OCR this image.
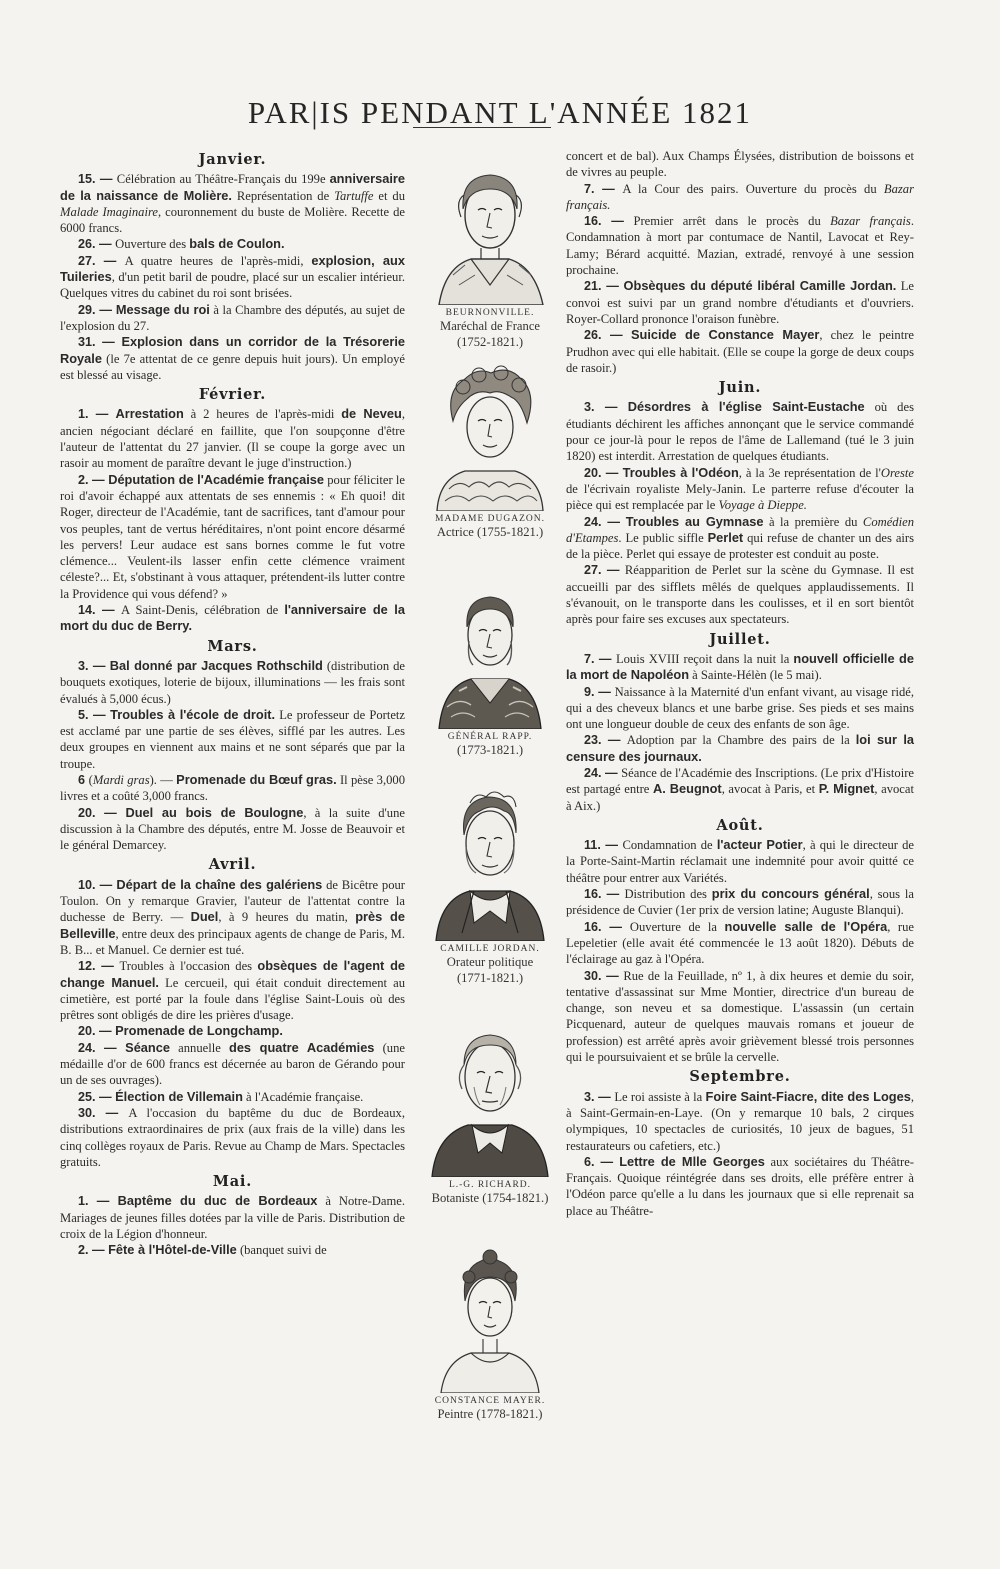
PAR|IS PENDANT L'ANNÉE 1821
Janvier.

15. — Célébration au Théâtre-Français du 199e anniversaire de la naissance de Molière. Représentation de Tartuffe et du Malade Imaginaire, couronnement du buste de Molière. Recette de 6000 francs.

26. — Ouverture des bals de Coulon.

27. — A quatre heures de l'après-midi, explosion, aux Tuileries, d'un petit baril de poudre, placé sur un escalier intérieur. Quelques vitres du cabinet du roi sont brisées.

29. — Message du roi à la Chambre des députés, au sujet de l'explosion du 27.

31. — Explosion dans un corridor de la Trésorerie Royale (le 7e attentat de ce genre depuis huit jours). Un employé est blessé au visage.

Février.

1. — Arrestation à 2 heures de l'après-midi de Neveu, ancien négociant déclaré en faillite, que l'on soupçonne d'être l'auteur de l'attentat du 27 janvier. (Il se coupe la gorge avec un rasoir au moment de paraître devant le juge d'instruction.)

2. — Députation de l'Académie française pour féliciter le roi d'avoir échappé aux attentats de ses ennemis : « Eh quoi! dit Roger, directeur de l'Académie, tant de sacrifices, tant d'amour pour vos peuples, tant de vertus héréditaires, n'ont point encore désarmé les pervers! Leur audace est sans bornes comme le fut votre clémence... Veulent-ils lasser enfin cette clémence vraiment céleste?... Et, s'obstinant à vous attaquer, prétendent-ils lutter contre la Providence qui vous défend? »

14. — A Saint-Denis, célébration de l'anniversaire de la mort du duc de Berry.

Mars.

3. — Bal donné par Jacques Rothschild (distribution de bouquets exotiques, loterie de bijoux, illuminations — les frais sont évalués à 5,000 écus.)

5. — Troubles à l'école de droit. Le professeur de Portetz est acclamé par une partie de ses élèves, sifflé par les autres. Les deux groupes en viennent aux mains et ne sont séparés que par la troupe.

6 (Mardi gras). — Promenade du Bœuf gras. Il pèse 3,000 livres et a coûté 3,000 francs.

20. — Duel au bois de Boulogne, à la suite d'une discussion à la Chambre des députés, entre M. Josse de Beauvoir et le général Demarcey.

Avril.

10. — Départ de la chaîne des galériens de Bicêtre pour Toulon. On y remarque Gravier, l'auteur de l'attentat contre la duchesse de Berry. — Duel, à 9 heures du matin, près de Belleville, entre deux des principaux agents de change de Paris, M. B. B... et Manuel. Ce dernier est tué.

12. — Troubles à l'occasion des obsèques de l'agent de change Manuel. Le cercueil, qui était conduit directement au cimetière, est porté par la foule dans l'église Saint-Louis où des prêtres sont obligés de dire les prières d'usage.

20. — Promenade de Longchamp.

24. — Séance annuelle des quatre Académies (une médaille d'or de 600 francs est décernée au baron de Gérando pour un de ses ouvrages).

25. — Élection de Villemain à l'Académie française.

30. — A l'occasion du baptême du duc de Bordeaux, distributions extraordinaires de prix (aux frais de la ville) dans les cinq collèges royaux de Paris. Revue au Champ de Mars. Spectacles gratuits.

Mai.

1. — Baptême du duc de Bordeaux à Notre-Dame. Mariages de jeunes filles dotées par la ville de Paris. Distribution de croix de la Légion d'honneur.

2. — Fête à l'Hôtel-de-Ville (banquet suivi de

BEURNONVILLE.
Maréchal de France
(1752-1821.)
MADAME DUGAZON.
Actrice (1755-1821.)
GÉNÉRAL RAPP.
(1773-1821.)
CAMILLE JORDAN.
Orateur politique
(1771-1821.)
L.-G. RICHARD.
Botaniste (1754-1821.)
CONSTANCE MAYER.
Peintre (1778-1821.)

concert et de bal). Aux Champs Élysées, distribution de boissons et de vivres au peuple.

7. — A la Cour des pairs. Ouverture du procès du Bazar français.

16. — Premier arrêt dans le procès du Bazar français. Condamnation à mort par contumace de Nantil, Lavocat et Rey-Lamy; Bérard acquitté. Mazian, extradé, renvoyé à une session prochaine.

21. — Obsèques du député libéral Camille Jordan. Le convoi est suivi par un grand nombre d'étudiants et d'ouvriers. Royer-Collard prononce l'oraison funèbre.

26. — Suicide de Constance Mayer, chez le peintre Prudhon avec qui elle habitait. (Elle se coupe la gorge de deux coups de rasoir.)

Juin.

3. — Désordres à l'église Saint-Eustache où des étudiants déchirent les affiches annonçant que le service commandé pour ce jour-là pour le repos de l'âme de Lallemand (tué le 3 juin 1820) est interdit. Arrestation de quelques étudiants.

20. — Troubles à l'Odéon, à la 3e représentation de l'Oreste de l'écrivain royaliste Mely-Janin. Le parterre refuse d'écouter la pièce qui est remplacée par le Voyage à Dieppe.

24. — Troubles au Gymnase à la première du Comédien d'Etampes. Le public siffle Perlet qui refuse de chanter un des airs de la pièce. Perlet qui essaye de protester est conduit au poste.

27. — Réapparition de Perlet sur la scène du Gymnase. Il est accueilli par des sifflets mêlés de quelques applaudissements. Il s'évanouit, on le transporte dans les coulisses, et il en sort bientôt après pour faire ses excuses aux spectateurs.

Juillet.

7. — Louis XVIII reçoit dans la nuit la nouvell officielle de la mort de Napoléon à Sainte-Hélèn (le 5 mai).

9. — Naissance à la Maternité d'un enfant vivant, au visage ridé, qui a des cheveux blancs et une barbe grise. Ses pieds et ses mains ont une longueur double de ceux des enfants de son âge.

23. — Adoption par la Chambre des pairs de la loi sur la censure des journaux.

24. — Séance de l'Académie des Inscriptions. (Le prix d'Histoire est partagé entre A. Beugnot, avocat à Paris, et P. Mignet, avocat à Aix.)

Août.

11. — Condamnation de l'acteur Potier, à qui le directeur de la Porte-Saint-Martin réclamait une indemnité pour avoir quitté ce théâtre pour entrer aux Variétés.

16. — Distribution des prix du concours général, sous la présidence de Cuvier (1er prix de version latine; Auguste Blanqui).

16. — Ouverture de la nouvelle salle de l'Opéra, rue Lepeletier (elle avait été commencée le 13 août 1820). Débuts de l'éclairage au gaz à l'Opéra.

30. — Rue de la Feuillade, nº 1, à dix heures et demie du soir, tentative d'assassinat sur Mme Montier, directrice d'un bureau de change, son neveu et sa domestique. L'assassin (un certain Picquenard, auteur de quelques mauvais romans et joueur de profession) est arrêté après avoir grièvement blessé trois personnes qui le poursuivaient et se brûle la cervelle.

Septembre.

3. — Le roi assiste à la Foire Saint-Fiacre, dite des Loges, à Saint-Germain-en-Laye. (On y remarque 10 bals, 2 cirques olympiques, 10 spectacles de curiosités, 10 jeux de bagues, 51 restaurateurs ou cafetiers, etc.)

6. — Lettre de Mlle Georges aux sociétaires du Théâtre-Français. Quoique réintégrée dans ses droits, elle préfère entrer à l'Odéon parce qu'elle a lu dans les journaux que si elle reprenait sa place au Théâtre-
